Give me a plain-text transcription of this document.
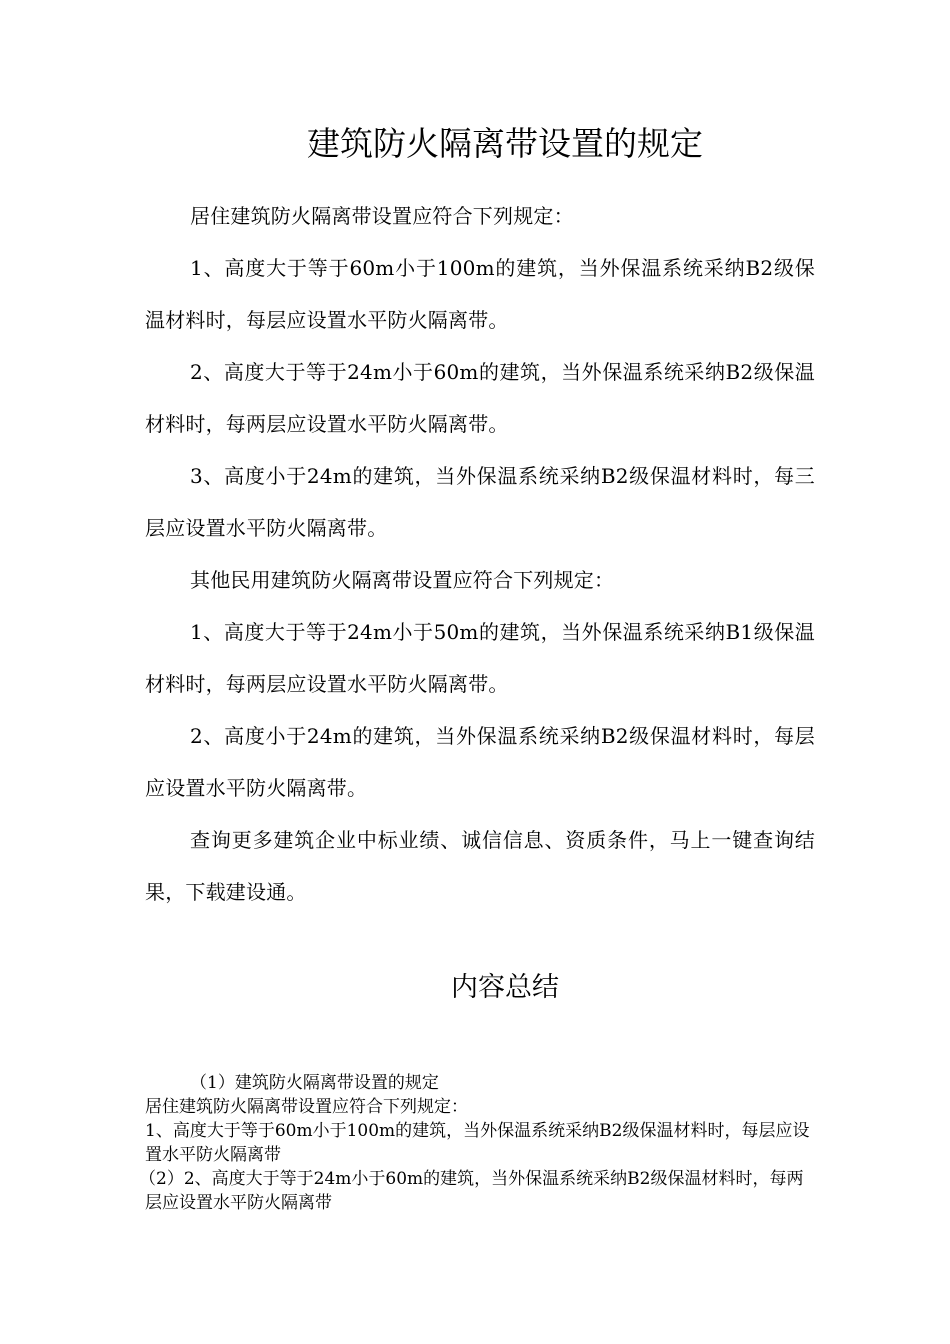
建筑防火隔离带设置的规定

居住建筑防火隔离带设置应符合下列规定：

1、高度大于等于60m小于100m的建筑，当外保温系统采纳B2级保温材料时，每层应设置水平防火隔离带。

2、高度大于等于24m小于60m的建筑，当外保温系统采纳B2级保温材料时，每两层应设置水平防火隔离带。

3、高度小于24m的建筑，当外保温系统采纳B2级保温材料时，每三层应设置水平防火隔离带。

其他民用建筑防火隔离带设置应符合下列规定：

1、高度大于等于24m小于50m的建筑，当外保温系统采纳B1级保温材料时，每两层应设置水平防火隔离带。

2、高度小于24m的建筑，当外保温系统采纳B2级保温材料时，每层应设置水平防火隔离带。

查询更多建筑企业中标业绩、诚信信息、资质条件，马上一键查询结果，下载建设通。

内容总结

（1）建筑防火隔离带设置的规定

居住建筑防火隔离带设置应符合下列规定：

1、高度大于等于60m小于100m的建筑，当外保温系统采纳B2级保温材料时，每层应设置水平防火隔离带

（2）2、高度大于等于24m小于60m的建筑，当外保温系统采纳B2级保温材料时，每两层应设置水平防火隔离带
